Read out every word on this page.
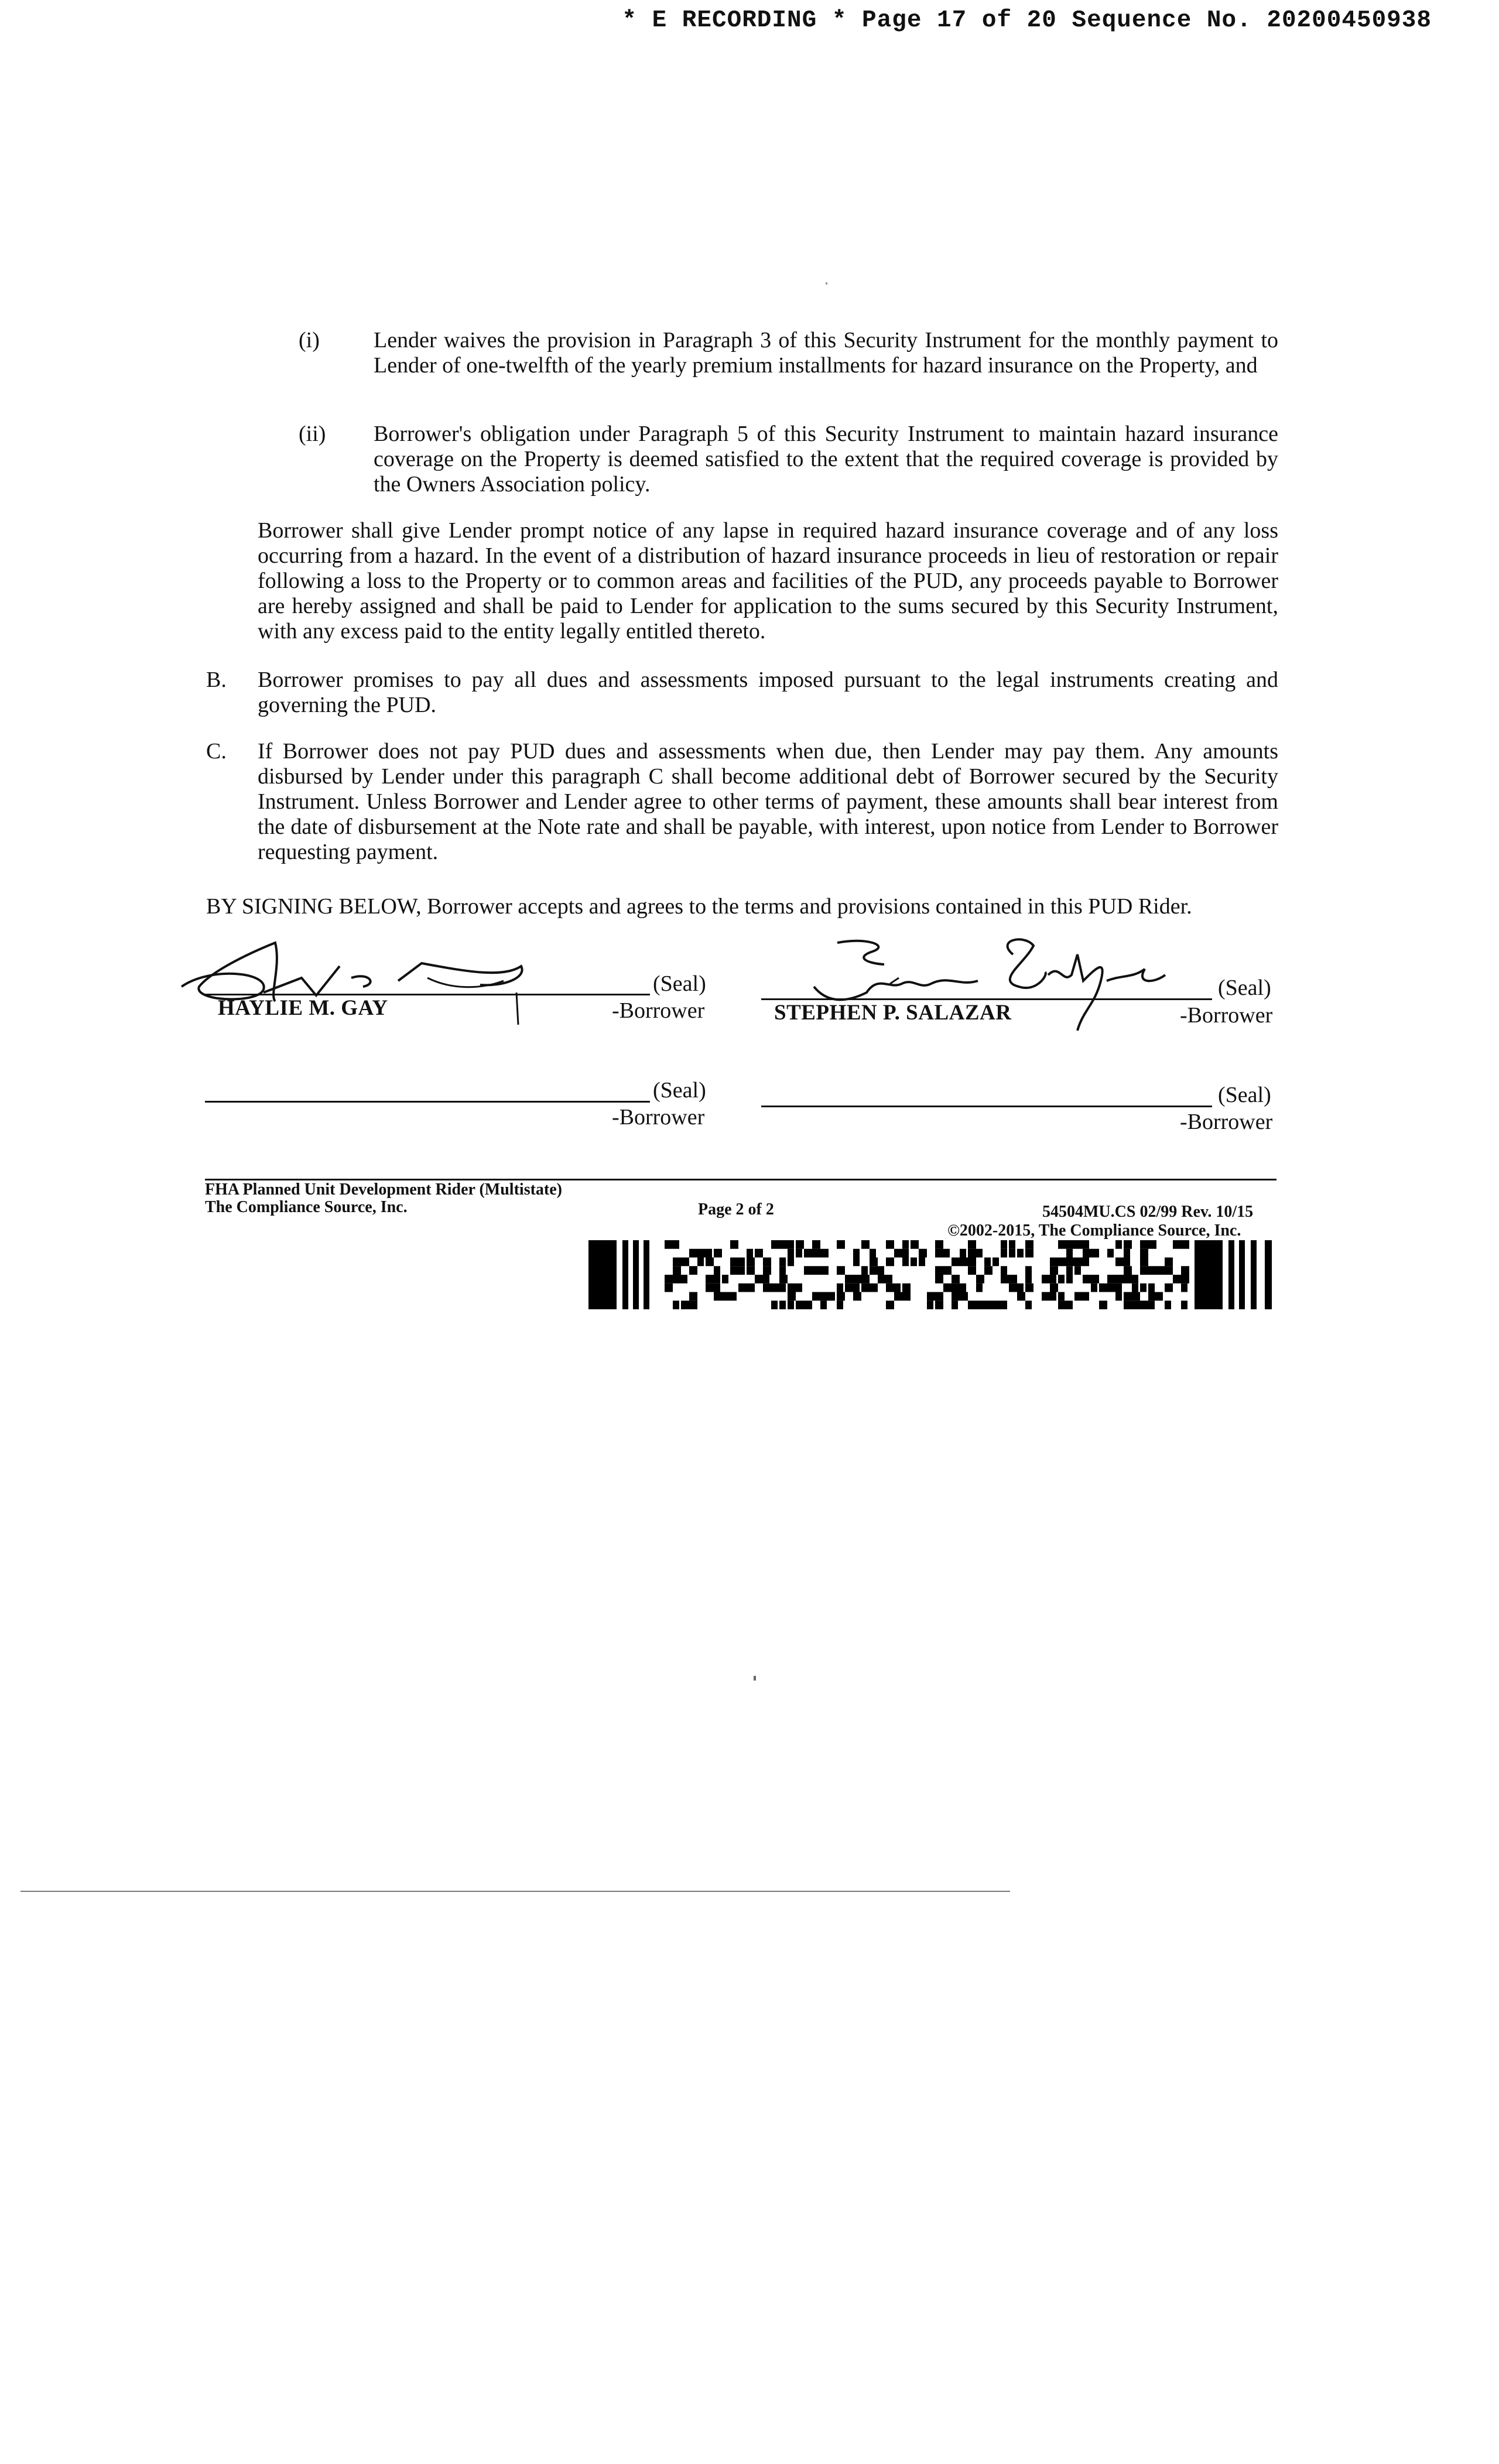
* E RECORDING * Page 17 of 20 Sequence No. 20200450938
(i) Lender waives the provision in Paragraph 3 of this Security Instrument for the monthly payment to Lender of one-twelfth of the yearly premium installments for hazard insurance on the Property, and
(ii) Borrower's obligation under Paragraph 5 of this Security Instrument to maintain hazard insurance coverage on the Property is deemed satisfied to the extent that the required coverage is provided by the Owners Association policy.
Borrower shall give Lender prompt notice of any lapse in required hazard insurance coverage and of any loss occurring from a hazard. In the event of a distribution of hazard insurance proceeds in lieu of restoration or repair following a loss to the Property or to common areas and facilities of the PUD, any proceeds payable to Borrower are hereby assigned and shall be paid to Lender for application to the sums secured by this Security Instrument, with any excess paid to the entity legally entitled thereto.
B. Borrower promises to pay all dues and assessments imposed pursuant to the legal instruments creating and governing the PUD.
C. If Borrower does not pay PUD dues and assessments when due, then Lender may pay them. Any amounts disbursed by Lender under this paragraph C shall become additional debt of Borrower secured by the Security Instrument. Unless Borrower and Lender agree to other terms of payment, these amounts shall bear interest from the date of disbursement at the Note rate and shall be payable, with interest, upon notice from Lender to Borrower requesting payment.
BY SIGNING BELOW, Borrower accepts and agrees to the terms and provisions contained in this PUD Rider.
(Seal)
HAYLIE M. GAY	-Borrower
(Seal)
STEPHEN P. SALAZAR	-Borrower
(Seal)
-Borrower
(Seal)
-Borrower
FHA Planned Unit Development Rider (Multistate)
The Compliance Source, Inc.	Page 2 of 2	54504MU.CS 02/99 Rev. 10/15
©2002-2015, The Compliance Source, Inc.
